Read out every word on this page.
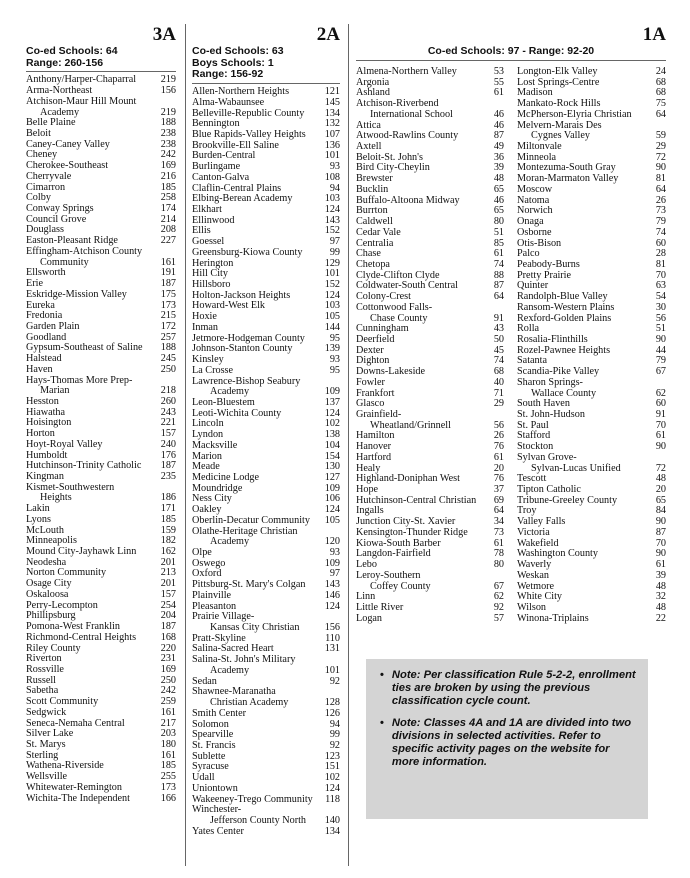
3A
Co-ed Schools: 64
Range: 260-156
Anthony/Harper-Chaparral 219
Arma-Northeast	156
Atchison-Maur Hill Mount
Academy	219
Belle Plaine	188
Beloit	238
Caney-Caney Valley	238
Cheney	242
Cherokee-Southeast	169
Cherryvale	216
Cimarron	185
Colby	258
Conway Springs	174
Council Grove	214
Douglass	208
Easton-Pleasant Ridge	227
Effingham-Atchison County
Community	161
Ellsworth	191
Erie	187
Eskridge-Mission Valley	175
Eureka	173
Fredonia	215
Garden Plain	172
Goodland	257
Gypsum-Southeast of Saline 188
Halstead	245
Haven	250
Hays-Thomas More Prep-
Marian	218
Hesston	260
Hiawatha	243
Hoisington	221
Horton	157
Hoyt-Royal Valley	240
Humboldt	176
Hutchinson-Trinity Catholic 187
Kingman	235
Kismet-Southwestern
Heights	186
Lakin	171
Lyons	185
McLouth	159
Minneapolis	182
Mound City-Jayhawk Linn 162
Neodesha	201
Norton Community	213
Osage City	201
Oskaloosa	157
Perry-Lecompton	254
Phillipsburg	204
Pomona-West Franklin	187
Richmond-Central Heights 168
Riley County	220
Riverton	231
Rossville	169
Russell	250
Sabetha	242
Scott Community	259
Sedgwick	161
Seneca-Nemaha Central	217
Silver Lake	203
St. Marys	180
Sterling	161
Wathena-Riverside	185
Wellsville	255
Whitewater-Remington	173
Wichita-The Independent	166
2A
Co-ed Schools: 63
Boys Schools: 1
Range: 156-92
Allen-Northern Heights	121
Alma-Wabaunsee	145
Belleville-Republic County 134
Bennington	132
Blue Rapids-Valley Heights 107
Brookville-Ell Saline	136
Burden-Central	101
Burlingame	93
Canton-Galva	108
Claflin-Central Plains	94
Elbing-Berean Academy	103
Elkhart	124
Ellinwood	143
Ellis	152
Goessel	97
Greensburg-Kiowa County	99
Herington	129
Hill City	101
Hillsboro	152
Holton-Jackson Heights	124
Howard-West Elk	103
Hoxie	105
Inman	144
Jetmore-Hodgeman County 95
Johnson-Stanton County	139
Kinsley	93
La Crosse	95
Lawrence-Bishop Seabury
Academy	109
Leon-Bluestem	137
Leoti-Wichita County	124
Lincoln	102
Lyndon	138
Macksville	104
Marion	154
Meade	130
Medicine Lodge	127
Moundridge	109
Ness City	106
Oakley	124
Oberlin-Decatur Community 105
Olathe-Heritage Christian
Academy	120
Olpe	93
Oswego	109
Oxford	97
Pittsburg-St. Mary's Colgan 143
Plainville	146
Pleasanton	124
Prairie Village-
Kansas City Christian 156
Pratt-Skyline	110
Salina-Sacred Heart	131
Salina-St. John's Military
Academy	101
Sedan	92
Shawnee-Maranatha
Christian Academy	128
Smith Center	126
Solomon	94
Spearville	99
St. Francis	92
Sublette	123
Syracuse	151
Udall	102
Uniontown	124
Wakeeney-Trego Community 118
Winchester-
Jefferson County North 140
Yates Center	134
1A
Co-ed Schools: 97 - Range: 92-20
Almena-Northern Valley	53
Argonia	55
Ashland	61
Atchison-Riverbend
International School	46
Attica	46
Atwood-Rawlins County	87
Axtell	49
Beloit-St. John's	36
Bird City-Cheylin	39
Brewster	48
Bucklin	65
Buffalo-Altoona Midway	46
Burrton	65
Caldwell	80
Cedar Vale	51
Centralia	85
Chase	61
Chetopa	74
Clyde-Clifton Clyde	88
Coldwater-South Central	87
Colony-Crest	64
Cottonwood Falls-
Chase County	91
Cunningham	43
Deerfield	50
Dexter	45
Dighton	74
Downs-Lakeside	68
Fowler	40
Frankfort	71
Glasco	29
Grainfield-
Wheatland/Grinnell	56
Hamilton	26
Hanover	76
Hartford	61
Healy	20
Highland-Doniphan West	76
Hope	37
Hutchinson-Central Christian 69
Ingalls	64
Junction City-St. Xavier	34
Kensington-Thunder Ridge	73
Kiowa-South Barber	61
Langdon-Fairfield	78
Lebo	80
Leroy-Southern
Coffey County	67
Linn	62
Little River	92
Logan	57
Longton-Elk Valley	24
Lost Springs-Centre	68
Madison	68
Mankato-Rock Hills	75
McPherson-Elyria Christian 64
Melvern-Marais Des
Cygnes Valley	59
Miltonvale	29
Minneola	72
Montezuma-South Gray	90
Moran-Marmaton Valley	81
Moscow	64
Natoma	26
Norwich	73
Onaga	79
Osborne	74
Otis-Bison	60
Palco	28
Peabody-Burns	81
Pretty Prairie	70
Quinter	63
Randolph-Blue Valley	54
Ransom-Western Plains	30
Rexford-Golden Plains	56
Rolla	51
Rosalia-Flinthills	90
Rozel-Pawnee Heights	44
Satanta	79
Scandia-Pike Valley	67
Sharon Springs-
Wallace County	62
South Haven	60
St. John-Hudson	91
St. Paul	70
Stafford	61
Stockton	90
Sylvan Grove-
Sylvan-Lucas Unified	72
Tescott	48
Tipton Catholic	20
Tribune-Greeley County	65
Troy	84
Valley Falls	90
Victoria	87
Wakefield	70
Washington County	90
Waverly	61
Weskan	39
Wetmore	48
White City	32
Wilson	48
Winona-Triplains	22
• Note: Per classification Rule 5-2-2, enrollment ties are broken by using the previous classification cycle count.
• Note: Classes 4A and 1A are divided into two divisions in selected activities. Refer to specific activity pages on the website for more information.
